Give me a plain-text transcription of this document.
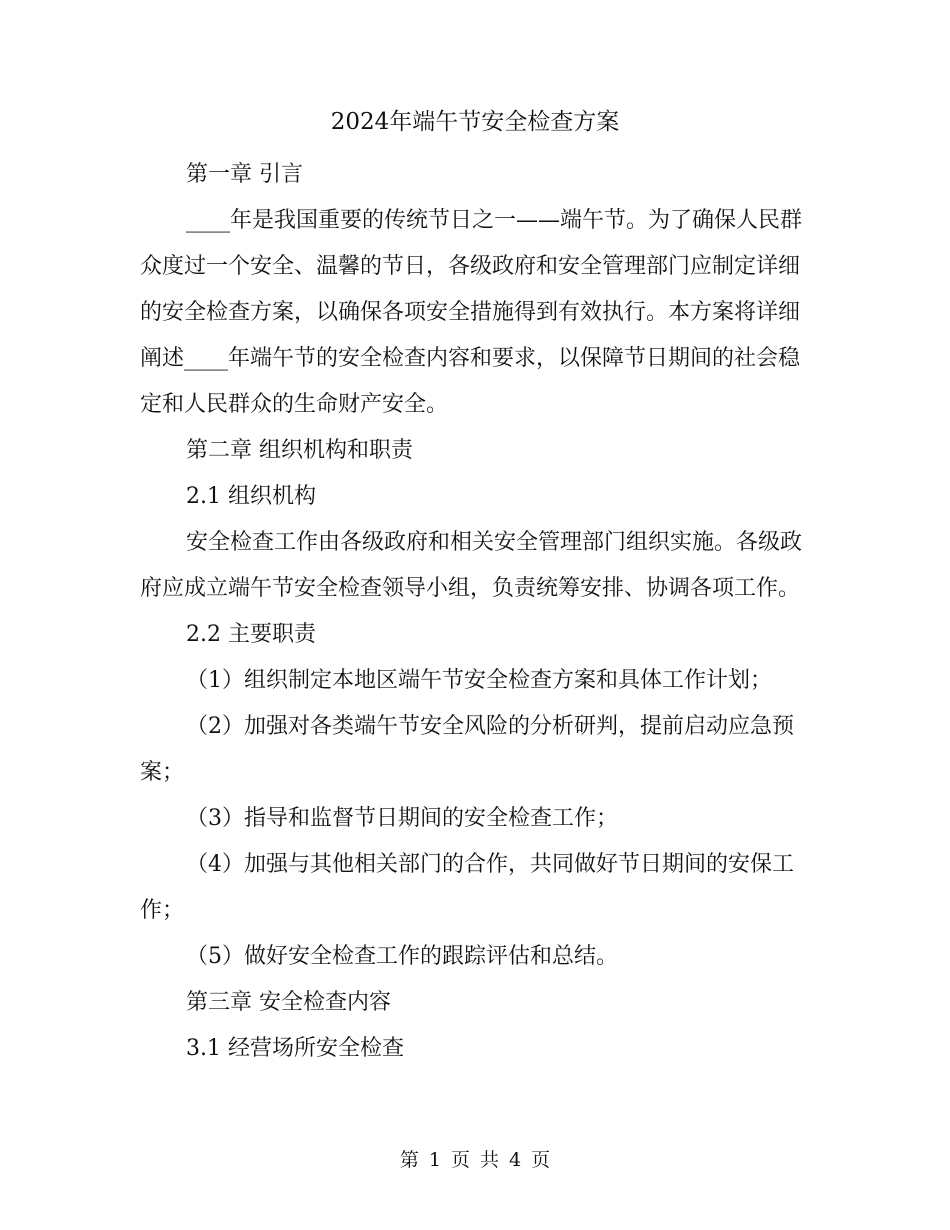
2024年端午节安全检查方案

第一章 引言

____年是我国重要的传统节日之一——端午节。为了确保人民群众度过一个安全、温馨的节日，各级政府和安全管理部门应制定详细的安全检查方案，以确保各项安全措施得到有效执行。本方案将详细阐述____年端午节的安全检查内容和要求，以保障节日期间的社会稳定和人民群众的生命财产安全。

第二章 组织机构和职责

2.1 组织机构

安全检查工作由各级政府和相关安全管理部门组织实施。各级政府应成立端午节安全检查领导小组，负责统筹安排、协调各项工作。

2.2 主要职责

（1）组织制定本地区端午节安全检查方案和具体工作计划；

（2）加强对各类端午节安全风险的分析研判，提前启动应急预案；

（3）指导和监督节日期间的安全检查工作；

（4）加强与其他相关部门的合作，共同做好节日期间的安保工作；

（5）做好安全检查工作的跟踪评估和总结。

第三章 安全检查内容

3.1 经营场所安全检查

第 1 页 共 4 页
